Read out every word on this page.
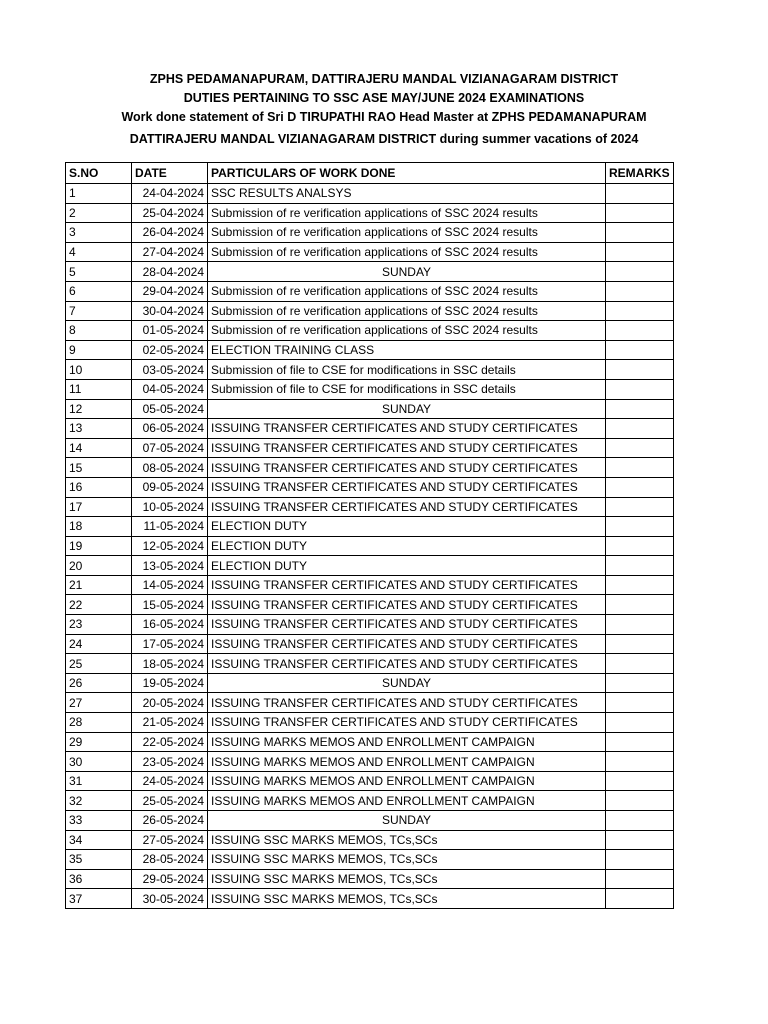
ZPHS PEDAMANAPURAM, DATTIRAJERU MANDAL VIZIANAGARAM DISTRICT
DUTIES PERTAINING TO SSC ASE MAY/JUNE 2024 EXAMINATIONS
Work done statement of Sri D TIRUPATHI RAO Head Master at ZPHS PEDAMANAPURAM
DATTIRAJERU MANDAL VIZIANAGARAM DISTRICT during summer vacations of 2024
S.NO	DATE	PARTICULARS OF WORK DONE	REMARKS
1	24-04-2024	SSC RESULTS ANALSYS	
2	25-04-2024	Submission of re verification applications of SSC 2024 results	
3	26-04-2024	Submission of re verification applications of SSC 2024 results	
4	27-04-2024	Submission of re verification applications of SSC 2024 results	
5	28-04-2024	SUNDAY	
6	29-04-2024	Submission of re verification applications of SSC 2024 results	
7	30-04-2024	Submission of re verification applications of SSC 2024 results	
8	01-05-2024	Submission of re verification applications of SSC 2024 results	
9	02-05-2024	ELECTION TRAINING CLASS	
10	03-05-2024	Submission of file to CSE for modifications in SSC details	
11	04-05-2024	Submission of file to CSE for modifications in SSC details	
12	05-05-2024	SUNDAY	
13	06-05-2024	ISSUING TRANSFER CERTIFICATES AND STUDY CERTIFICATES	
14	07-05-2024	ISSUING TRANSFER CERTIFICATES AND STUDY CERTIFICATES	
15	08-05-2024	ISSUING TRANSFER CERTIFICATES AND STUDY CERTIFICATES	
16	09-05-2024	ISSUING TRANSFER CERTIFICATES AND STUDY CERTIFICATES	
17	10-05-2024	ISSUING TRANSFER CERTIFICATES AND STUDY CERTIFICATES	
18	11-05-2024	ELECTION DUTY	
19	12-05-2024	ELECTION DUTY	
20	13-05-2024	ELECTION DUTY	
21	14-05-2024	ISSUING TRANSFER CERTIFICATES AND STUDY CERTIFICATES	
22	15-05-2024	ISSUING TRANSFER CERTIFICATES AND STUDY CERTIFICATES	
23	16-05-2024	ISSUING TRANSFER CERTIFICATES AND STUDY CERTIFICATES	
24	17-05-2024	ISSUING TRANSFER CERTIFICATES AND STUDY CERTIFICATES	
25	18-05-2024	ISSUING TRANSFER CERTIFICATES AND STUDY CERTIFICATES	
26	19-05-2024	SUNDAY	
27	20-05-2024	ISSUING TRANSFER CERTIFICATES AND STUDY CERTIFICATES	
28	21-05-2024	ISSUING TRANSFER CERTIFICATES AND STUDY CERTIFICATES	
29	22-05-2024	ISSUING MARKS MEMOS AND ENROLLMENT CAMPAIGN	
30	23-05-2024	ISSUING MARKS MEMOS AND ENROLLMENT CAMPAIGN	
31	24-05-2024	ISSUING MARKS MEMOS AND ENROLLMENT CAMPAIGN	
32	25-05-2024	ISSUING MARKS MEMOS AND ENROLLMENT CAMPAIGN	
33	26-05-2024	SUNDAY	
34	27-05-2024	ISSUING SSC MARKS MEMOS, TCs,SCs	
35	28-05-2024	ISSUING SSC MARKS MEMOS, TCs,SCs	
36	29-05-2024	ISSUING SSC MARKS MEMOS, TCs,SCs	
37	30-05-2024	ISSUING SSC MARKS MEMOS, TCs,SCs	
